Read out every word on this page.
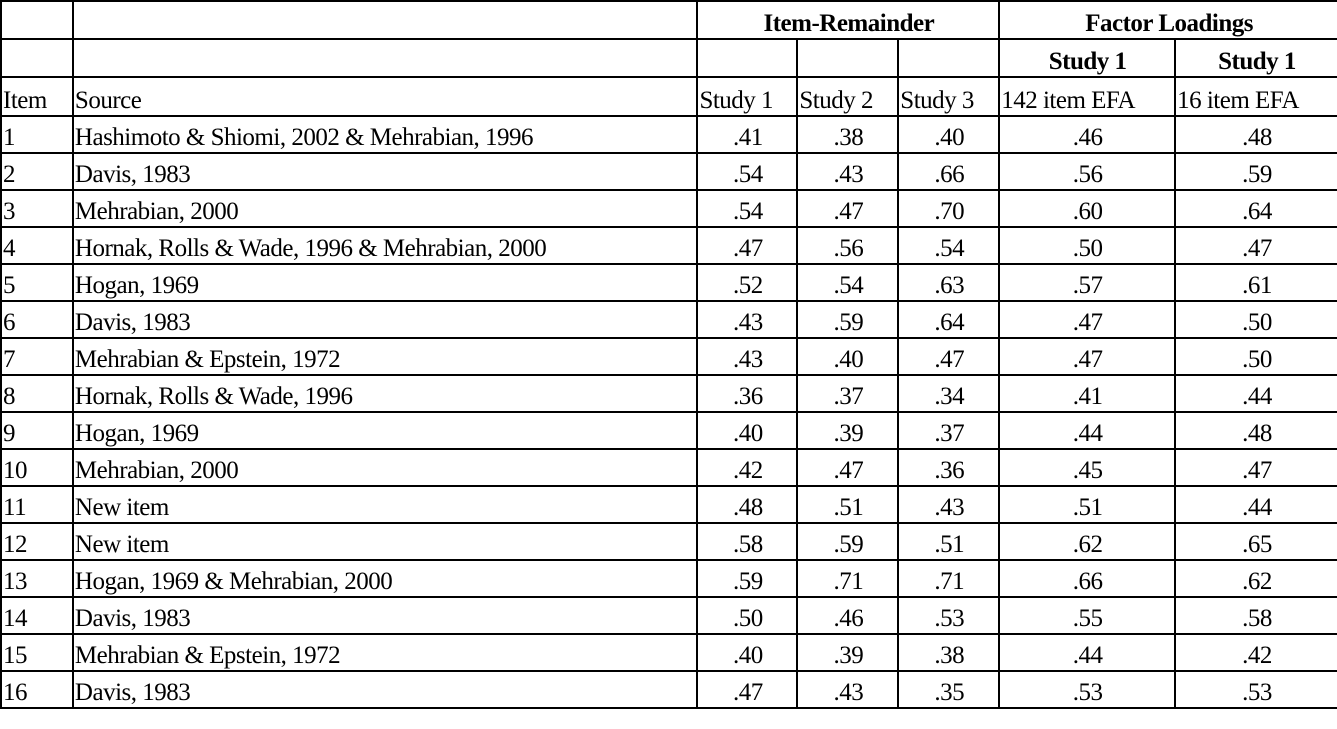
		Item-Remainder			Factor Loadings	
					Study 1	Study 1
Item	Source	Study 1	Study 2	Study 3	142 item EFA	16 item EFA
1	Hashimoto & Shiomi, 2002 & Mehrabian, 1996	.41	.38	.40	.46	.48
2	Davis, 1983	.54	.43	.66	.56	.59
3	Mehrabian, 2000	.54	.47	.70	.60	.64
4	Hornak, Rolls & Wade, 1996 & Mehrabian, 2000	.47	.56	.54	.50	.47
5	Hogan, 1969	.52	.54	.63	.57	.61
6	Davis, 1983	.43	.59	.64	.47	.50
7	Mehrabian & Epstein, 1972	.43	.40	.47	.47	.50
8	Hornak, Rolls & Wade, 1996	.36	.37	.34	.41	.44
9	Hogan, 1969	.40	.39	.37	.44	.48
10	Mehrabian, 2000	.42	.47	.36	.45	.47
11	New item	.48	.51	.43	.51	.44
12	New item	.58	.59	.51	.62	.65
13	Hogan, 1969 & Mehrabian, 2000	.59	.71	.71	.66	.62
14	Davis, 1983	.50	.46	.53	.55	.58
15	Mehrabian & Epstein, 1972	.40	.39	.38	.44	.42
16	Davis, 1983	.47	.43	.35	.53	.53
